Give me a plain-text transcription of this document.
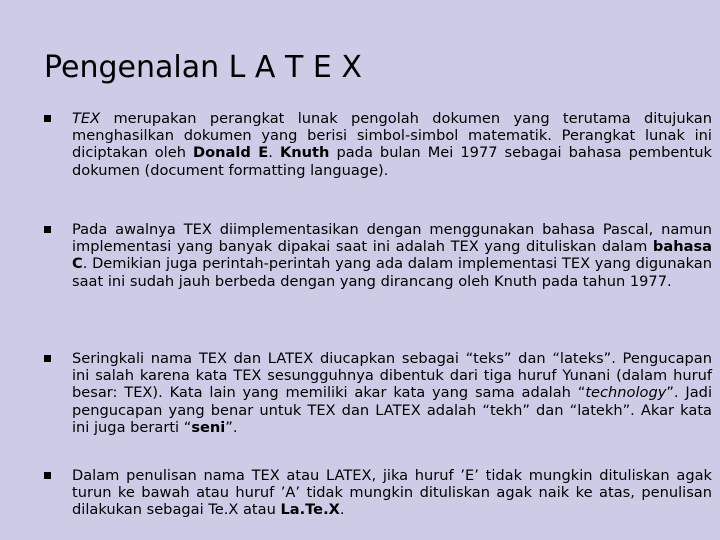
Pengenalan L A T E X

TEX merupakan perangkat lunak pengolah dokumen yang terutama ditujukan menghasilkan dokumen yang berisi simbol-simbol matematik. Perangkat lunak ini diciptakan oleh Donald E. Knuth pada bulan Mei 1977 sebagai bahasa pembentuk dokumen (document formatting language).

Pada awalnya TEX diimplementasikan dengan menggunakan bahasa Pascal, namun implementasi yang banyak dipakai saat ini adalah TEX yang dituliskan dalam bahasa C. Demikian juga perintah-perintah yang ada dalam implementasi TEX yang digunakan saat ini sudah jauh berbeda dengan yang dirancang oleh Knuth pada tahun 1977.

Seringkali nama TEX dan LATEX diucapkan sebagai “teks” dan “lateks”. Pengucapan ini salah karena kata TEX sesungguhnya dibentuk dari tiga huruf Yunani (dalam huruf besar: TEX). Kata lain yang memiliki akar kata yang sama adalah “technology”. Jadi pengucapan yang benar untuk TEX dan LATEX adalah “tekh” dan “latekh”. Akar kata ini juga berarti “seni”.

Dalam penulisan nama TEX atau LATEX, jika huruf ’E’ tidak mungkin dituliskan agak turun ke bawah atau huruf ’A’ tidak mungkin dituliskan agak naik ke atas, penulisan dilakukan sebagai Te.X atau La.Te.X.
